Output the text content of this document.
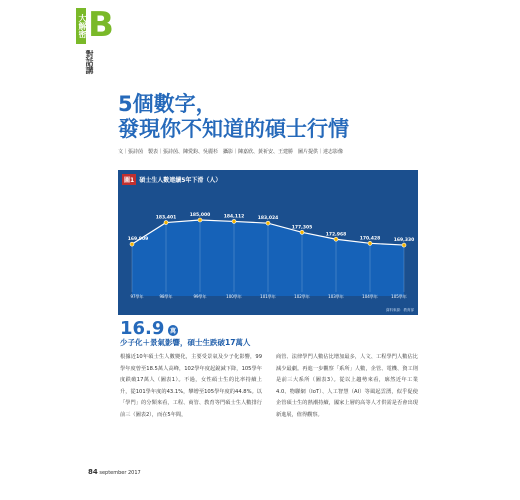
大解密 B
對話講
5個數字，
發現你不知道的碩士行情
文｜張詩茵　製表｜張詩茵、陳愛鈞、吳麗杉　攝影｜陳嘉欣、黃祈安、王建勝　圖片提供｜達志影像
169,909
97學年
183,401
98學年
185,000
99學年
184,112
100學年
183,024
101學年
177,305
102學年
172,968
103學年
170,428
104學年
169,330
105學年
圖1 碩士生人數連續5年下滑（人）
資料來源：教育部
16.9 萬
少子化＋景氣影響，碩士生跌破17萬人
根據近10年碩士生人數變化，主要受景氣及少子化影響，99學年度曾至18.5萬人高峰，102學年度起銳減下降，105學年度跌破17萬人（圖表1）。不過，女性碩士生的比率持續上升，從101學年度的43.1%，攀增至105學年度的44.8%。以「學門」的分類來看，工程、商管、教育等門碩士生人數排行前三（圖表2），而在5年間，
商管、法律學門人數佔比增加最多，人文、工程學門人數佔比減少最劇。再進一步觀察「系所」人數，企管、電機、資工則是前三大系所（圖表3）。從以上趨勢來看，廓然近年工業4.0、物聯網（IoT）、人工智慧（AI）等風起雲湧，似乎促使企管碩士生的熱潮持續，國家上層的高等人才供需是否會出現新進展，值得觀察。
84 september 2017
